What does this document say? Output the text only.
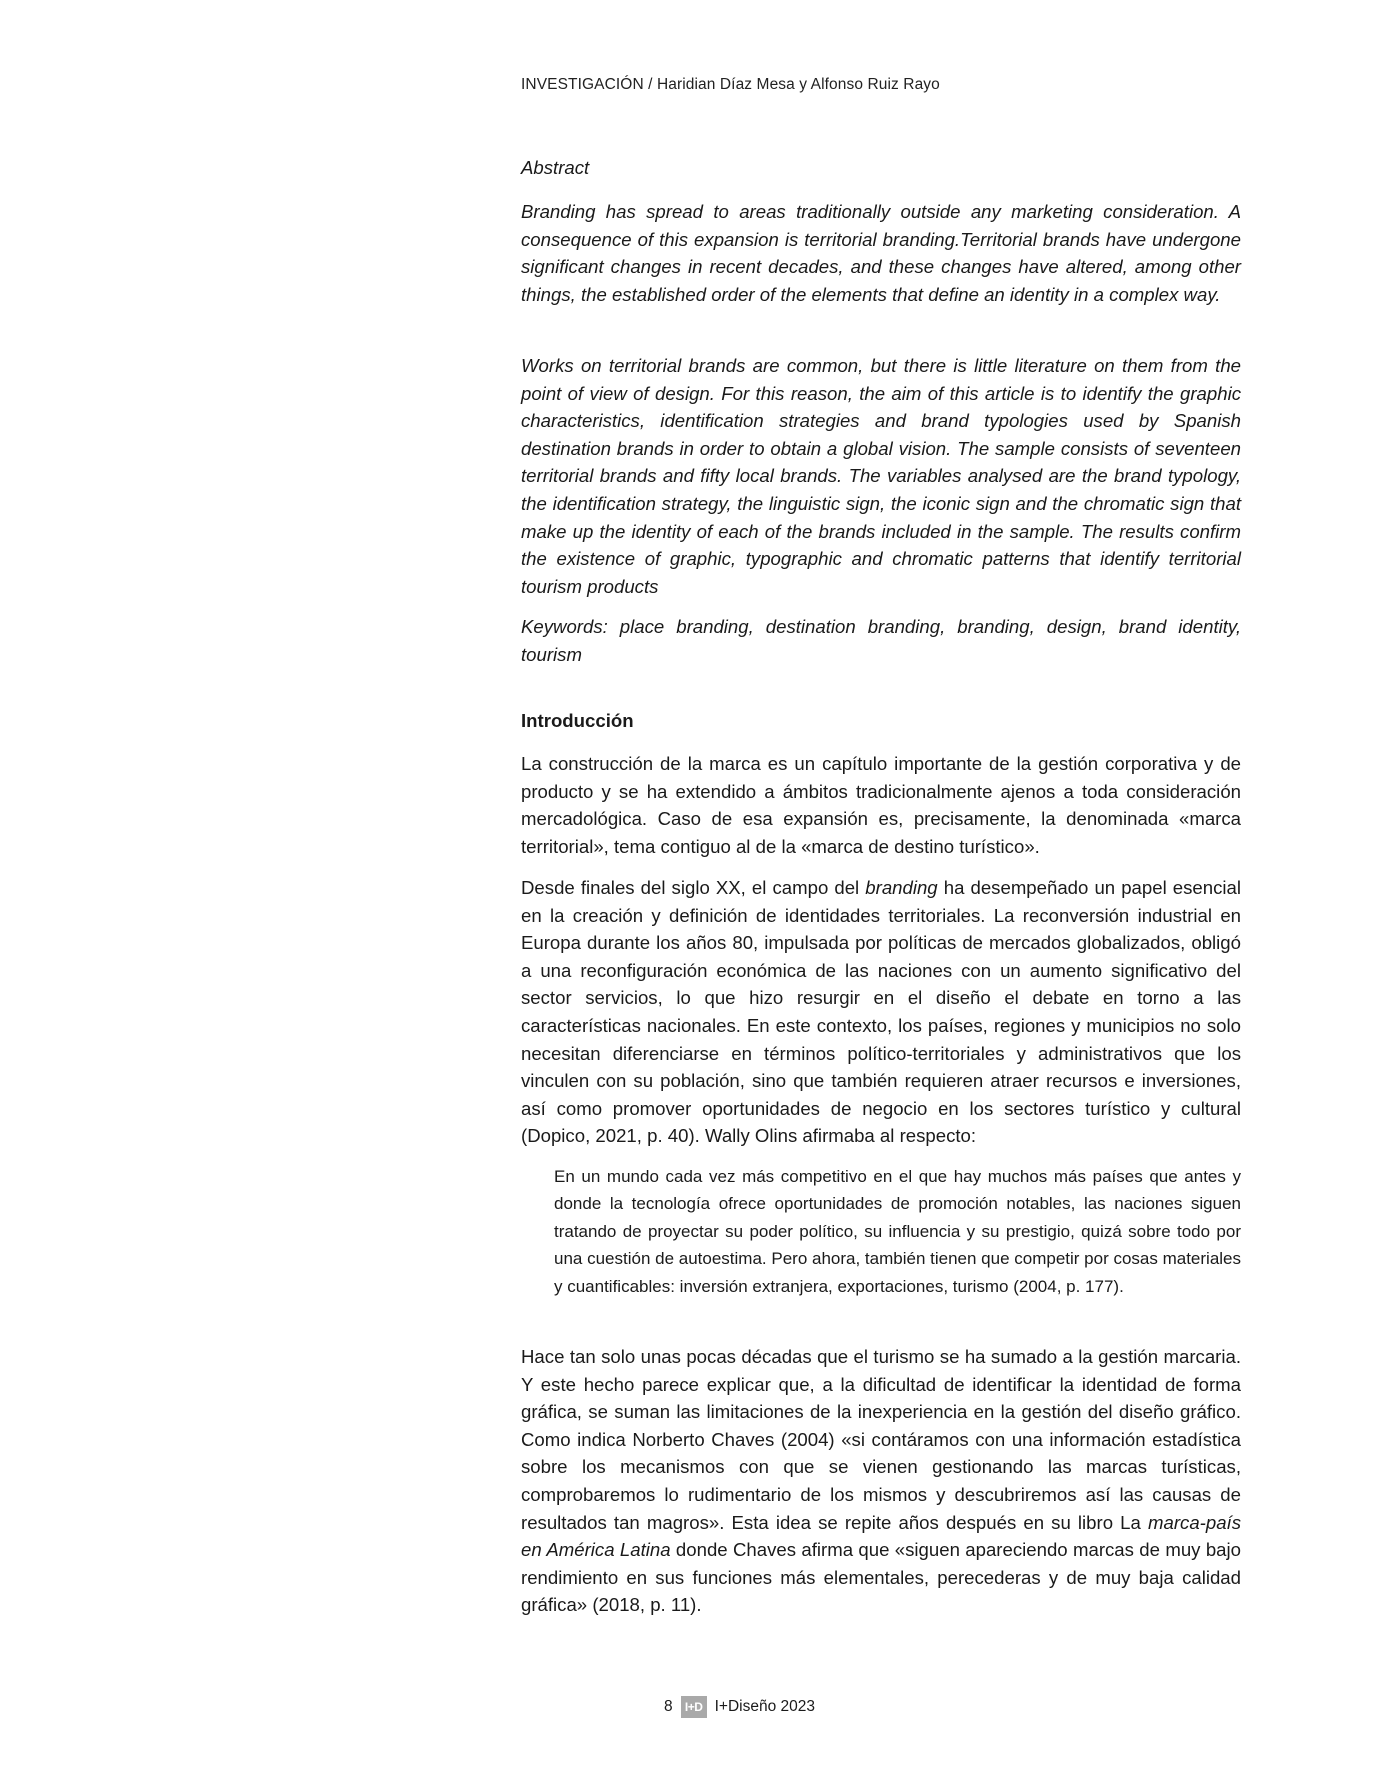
INVESTIGACIÓN / Haridian Díaz Mesa y Alfonso Ruiz Rayo
Abstract

Branding has spread to areas traditionally outside any marketing consideration. A consequence of this expansion is territorial branding.Territorial brands have undergone significant changes in recent decades, and these changes have altered, among other things, the established order of the elements that define an identity in a complex way.

Works on territorial brands are common, but there is little literature on them from the point of view of design. For this reason, the aim of this article is to identify the graphic characteristics, identification strategies and brand typologies used by Spanish destination brands in order to obtain a global vision. The sample consists of seventeen territorial brands and fifty local brands. The variables analysed are the brand typology, the identification strategy, the linguistic sign, the iconic sign and the chromatic sign that make up the identity of each of the brands included in the sample. The results confirm the existence of graphic, typographic and chromatic patterns that identify territorial tourism products

Keywords: place branding, destination branding, branding, design, brand identity, tourism

Introducción

La construcción de la marca es un capítulo importante de la gestión corporativa y de producto y se ha extendido a ámbitos tradicionalmente ajenos a toda consideración mercadológica. Caso de esa expansión es, precisamente, la denominada «marca territorial», tema contiguo al de la «marca de destino turístico».

Desde finales del siglo XX, el campo del branding ha desempeñado un papel esencial en la creación y definición de identidades territoriales. La reconversión industrial en Europa durante los años 80, impulsada por políticas de mercados globalizados, obligó a una reconfiguración económica de las naciones con un aumento significativo del sector servicios, lo que hizo resurgir en el diseño el debate en torno a las características nacionales. En este contexto, los países, regiones y municipios no solo necesitan diferenciarse en términos político-territoriales y administrativos que los vinculen con su población, sino que también requieren atraer recursos e inversiones, así como promover oportunidades de negocio en los sectores turístico y cultural (Dopico, 2021, p. 40). Wally Olins afirmaba al respecto:

En un mundo cada vez más competitivo en el que hay muchos más países que antes y donde la tecnología ofrece oportunidades de promoción notables, las naciones siguen tratando de proyectar su poder político, su influencia y su prestigio, quizá sobre todo por una cuestión de autoestima. Pero ahora, también tienen que competir por cosas materiales y cuantificables: inversión extranjera, exportaciones, turismo (2004, p. 177).

Hace tan solo unas pocas décadas que el turismo se ha sumado a la gestión marcaria. Y este hecho parece explicar que, a la dificultad de identificar la identidad de forma gráfica, se suman las limitaciones de la inexperiencia en la gestión del diseño gráfico. Como indica Norberto Chaves (2004) «si contáramos con una información estadística sobre los mecanismos con que se vienen gestionando las marcas turísticas, comprobaremos lo rudimentario de los mismos y descubriremos así las causas de resultados tan magros». Esta idea se repite años después en su libro La marca-país en América Latina donde Chaves afirma que «siguen apareciendo marcas de muy bajo rendimiento en sus funciones más elementales, perecederas y de muy baja calidad gráfica» (2018, p. 11).

8	I+D I+Diseño 2023
